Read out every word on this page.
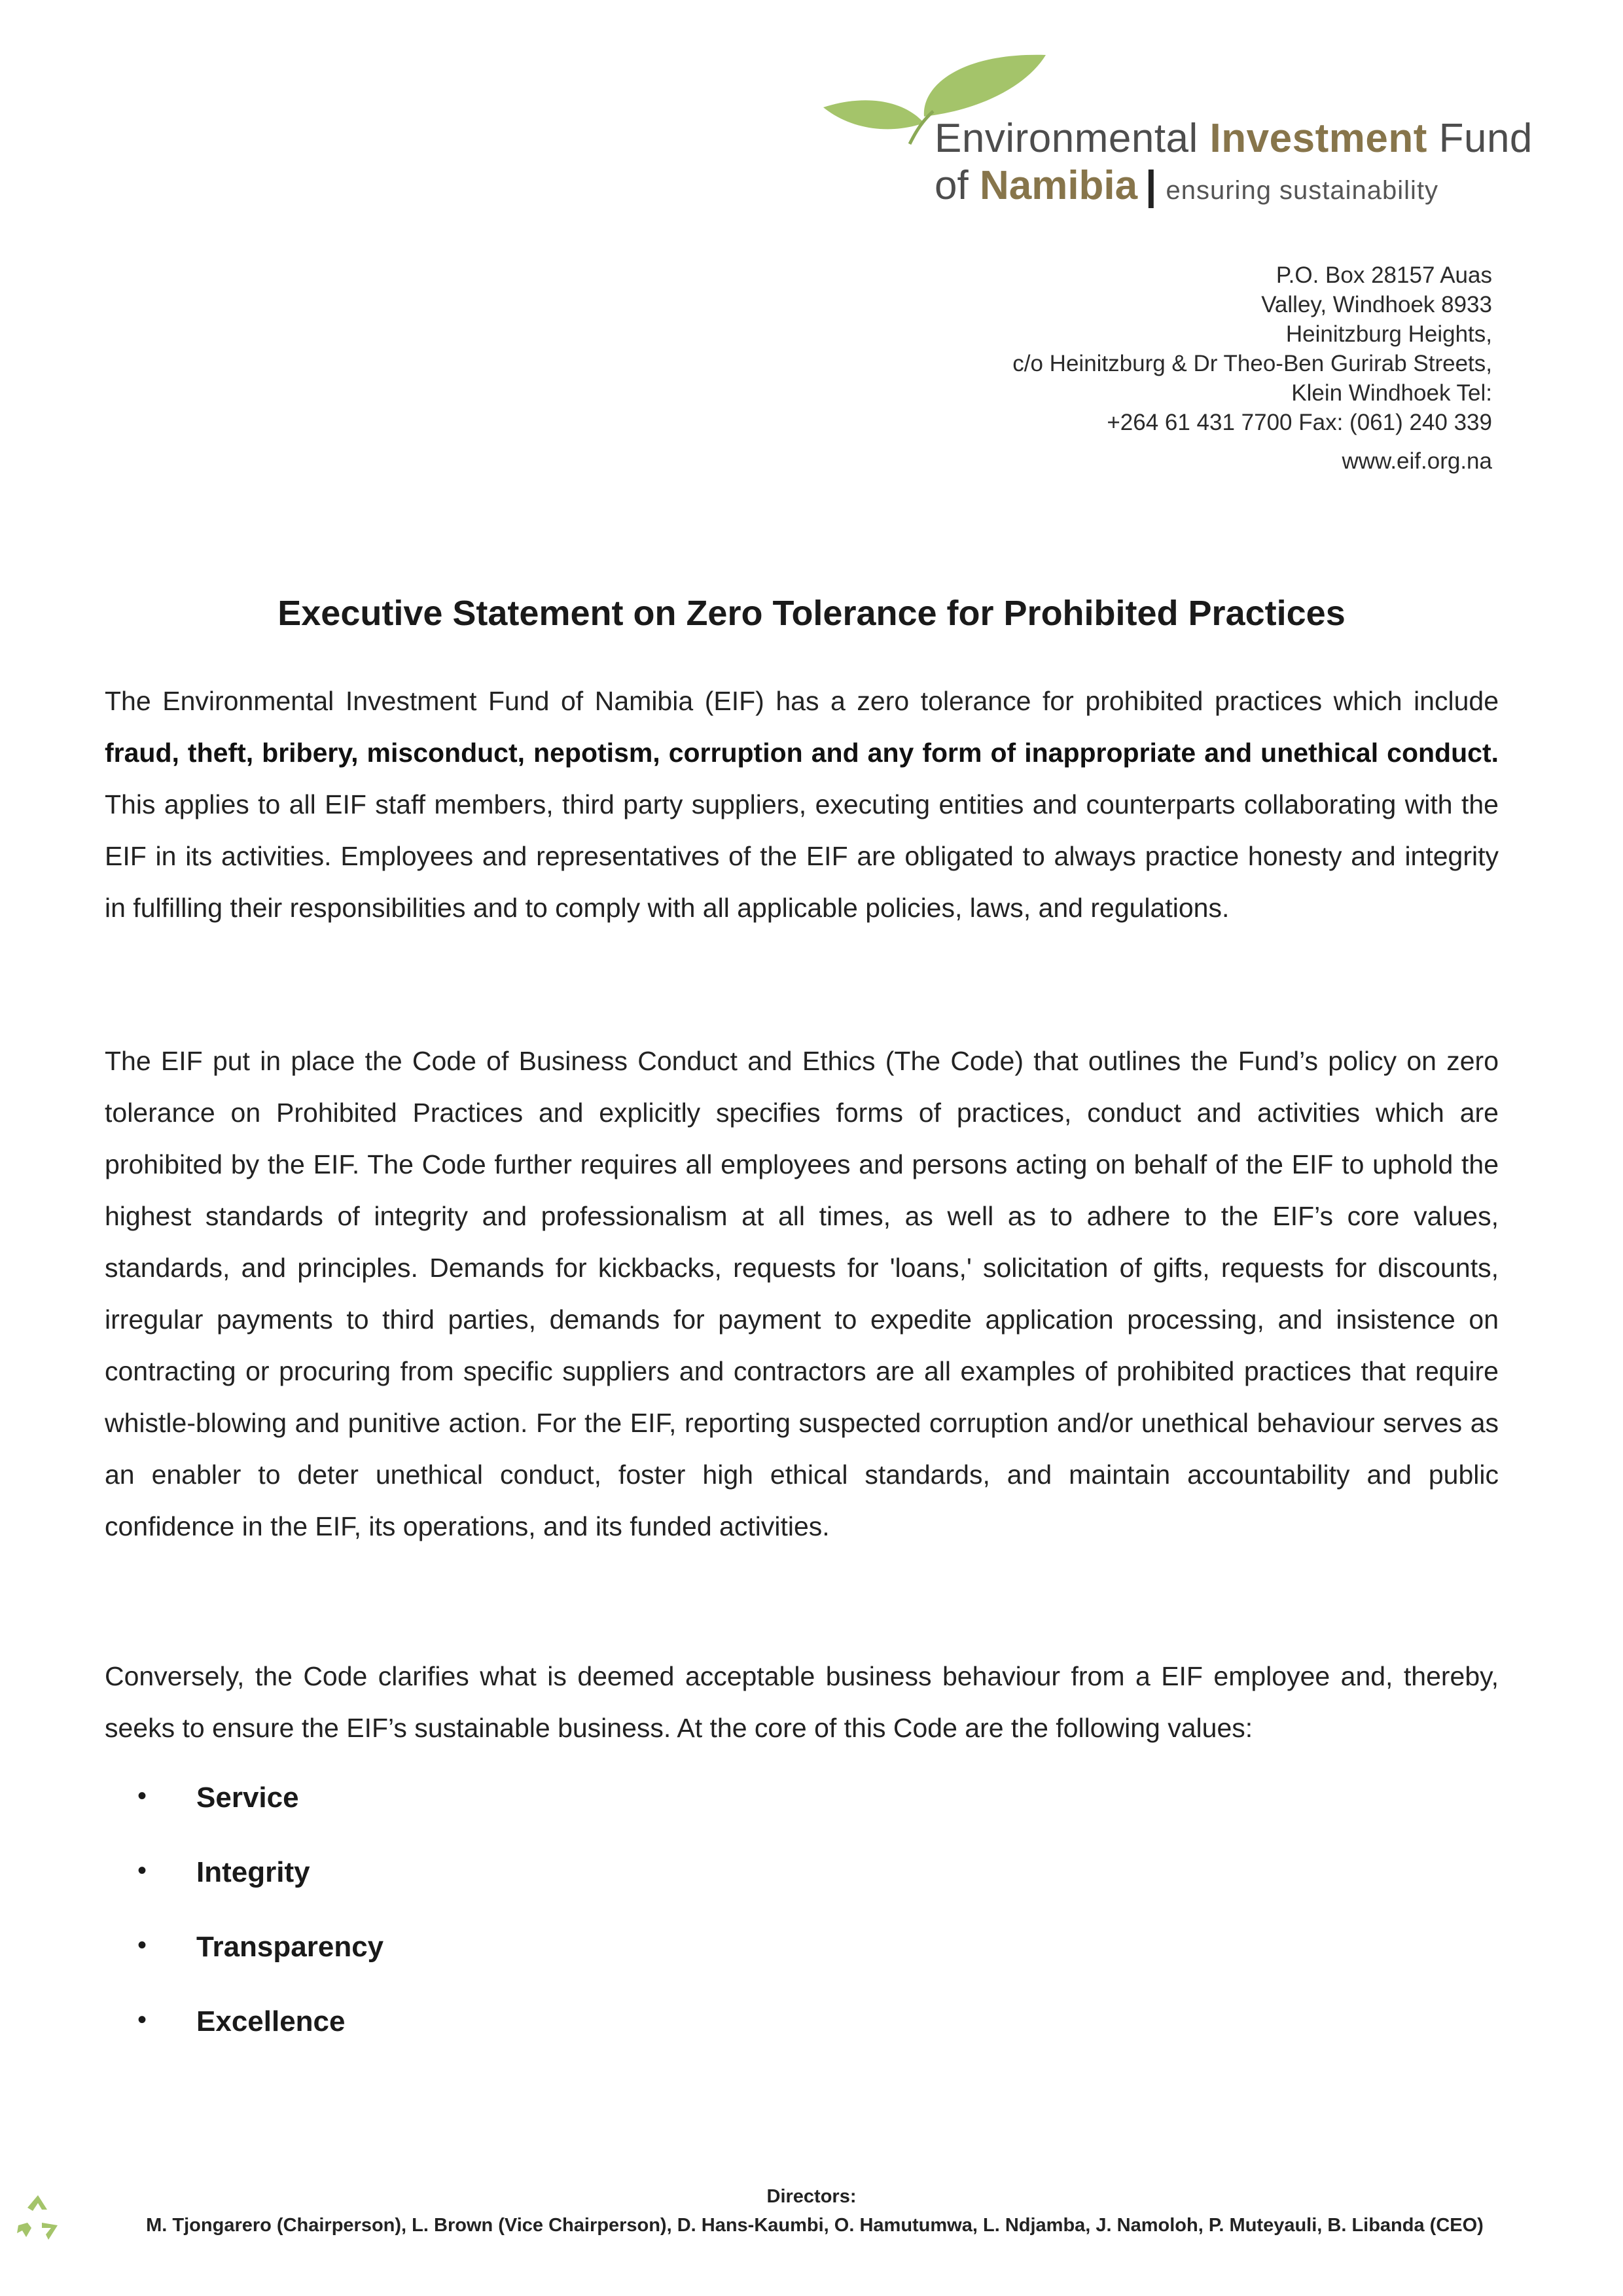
Environmental Investment Fund
of Namibia | ensuring sustainability
P.O. Box 28157 Auas
Valley, Windhoek 8933
Heinitzburg Heights,
c/o Heinitzburg & Dr Theo-Ben Gurirab Streets,
Klein Windhoek Tel:
+264 61 431 7700 Fax: (061) 240 339
www.eif.org.na
Executive Statement on Zero Tolerance for Prohibited Practices
The Environmental Investment Fund of Namibia (EIF) has a zero tolerance for prohibited practices which include fraud, theft, bribery, misconduct, nepotism, corruption and any form of inappropriate and unethical conduct. This applies to all EIF staff members, third party suppliers, executing entities and counterparts collaborating with the EIF in its activities. Employees and representatives of the EIF are obligated to always practice honesty and integrity in fulfilling their responsibilities and to comply with all applicable policies, laws, and regulations.
The EIF put in place the Code of Business Conduct and Ethics (The Code) that outlines the Fund’s policy on zero tolerance on Prohibited Practices and explicitly specifies forms of practices, conduct and activities which are prohibited by the EIF. The Code further requires all employees and persons acting on behalf of the EIF to uphold the highest standards of integrity and professionalism at all times, as well as to adhere to the EIF’s core values, standards, and principles. Demands for kickbacks, requests for 'loans,' solicitation of gifts, requests for discounts, irregular payments to third parties, demands for payment to expedite application processing, and insistence on contracting or procuring from specific suppliers and contractors are all examples of prohibited practices that require whistle-blowing and punitive action. For the EIF, reporting suspected corruption and/or unethical behaviour serves as an enabler to deter unethical conduct, foster high ethical standards, and maintain accountability and public confidence in the EIF, its operations, and its funded activities.
Conversely, the Code clarifies what is deemed acceptable business behaviour from a EIF employee and, thereby, seeks to ensure the EIF’s sustainable business. At the core of this Code are the following values:
•	Service
•	Integrity
•	Transparency
•	Excellence
Directors:
M. Tjongarero (Chairperson), L. Brown (Vice Chairperson), D. Hans-Kaumbi, O. Hamutumwa, L. Ndjamba, J. Namoloh, P. Muteyauli, B. Libanda (CEO)
